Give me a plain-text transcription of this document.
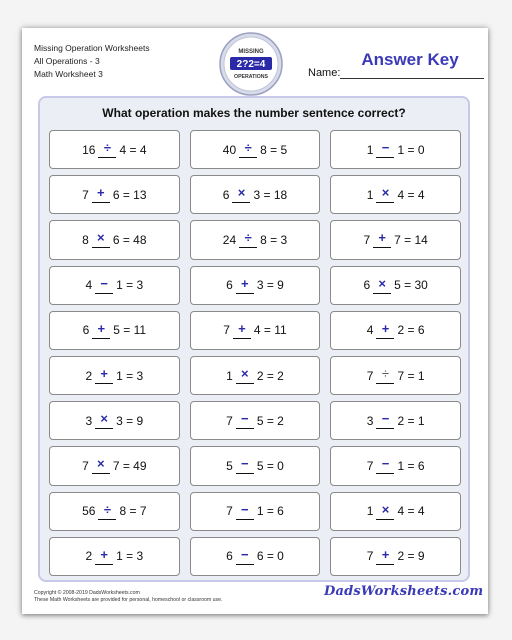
Missing Operation Worksheets
All Operations - 3
Math Worksheet 3
MISSING
2?2=4
OPERATIONS	Name:
Answer Key
What operation makes the number sentence correct?
16 ÷ 4 = 4	40 ÷ 8 = 5	1 − 1 = 0
7 + 6 = 13	6 × 3 = 18	1 × 4 = 4
8 × 6 = 48	24 ÷ 8 = 3	7 + 7 = 14
4 − 1 = 3	6 + 3 = 9	6 × 5 = 30
6 + 5 = 11	7 + 4 = 11	4 + 2 = 6
2 + 1 = 3	1 × 2 = 2	7 ÷ 7 = 1
3 × 3 = 9	7 − 5 = 2	3 − 2 = 1
7 × 7 = 49	5 − 5 = 0	7 − 1 = 6
56 ÷ 8 = 7	7 − 1 = 6	1 × 4 = 4
2 + 1 = 3	6 − 6 = 0	7 + 2 = 9
Copyright © 2008-2019 DadsWorksheets.com
These Math Worksheets are provided for personal, homeschool or classroom use.
DadsWorksheets.com
